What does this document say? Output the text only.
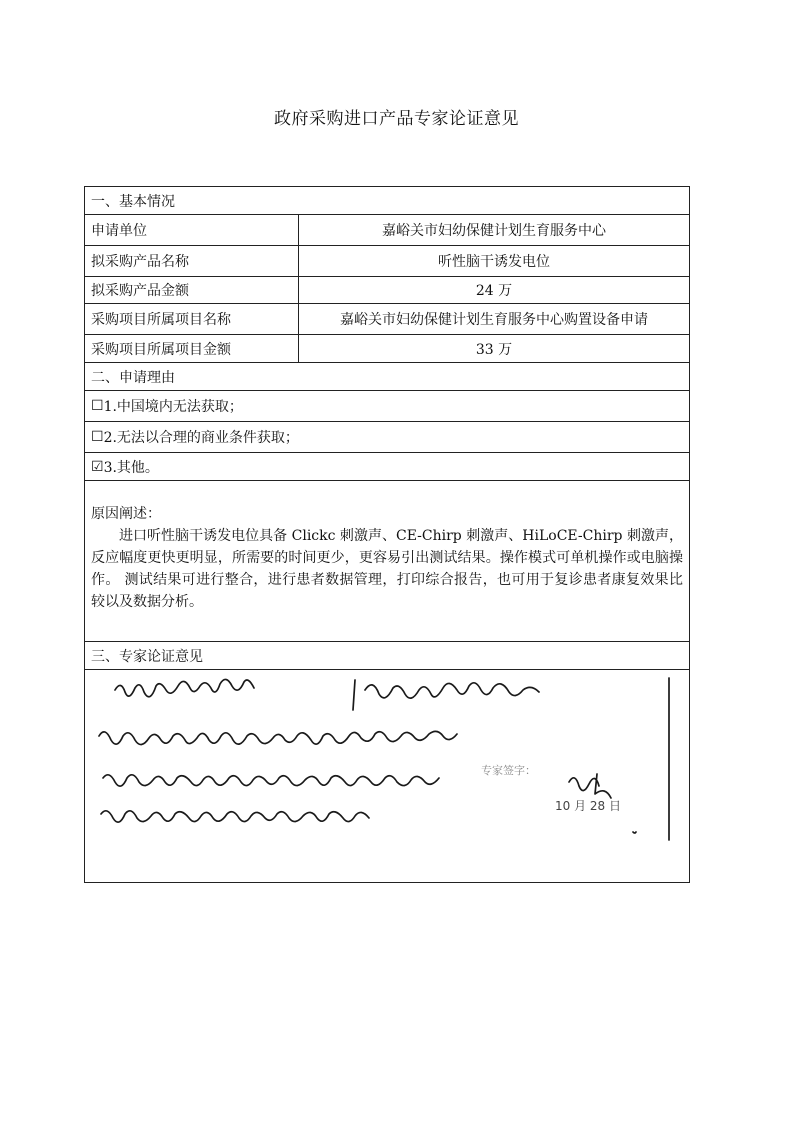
政府采购进口产品专家论证意见
一、基本情况
申请单位	嘉峪关市妇幼保健计划生育服务中心
拟采购产品名称	听性脑干诱发电位
拟采购产品金额	24 万
采购项目所属项目名称	嘉峪关市妇幼保健计划生育服务中心购置设备申请
采购项目所属项目金额	33 万
二、申请理由
☐ 1.中国境内无法获取；
☐ 2.无法以合理的商业条件获取；
☑ 3.其他。
原因阐述：
进口听性脑干诱发电位具备 Clickc 刺激声、CE-Chirp 刺激声、HiLoCE-Chirp 刺激声，反应幅度更快更明显，所需要的时间更少，更容易引出测试结果。操作模式可单机操作或电脑操作。 测试结果可进行整合，进行患者数据管理，打印综合报告，也可用于复诊患者康复效果比较以及数据分析。
三、专家论证意见
专家签字：
10 月 28 日
